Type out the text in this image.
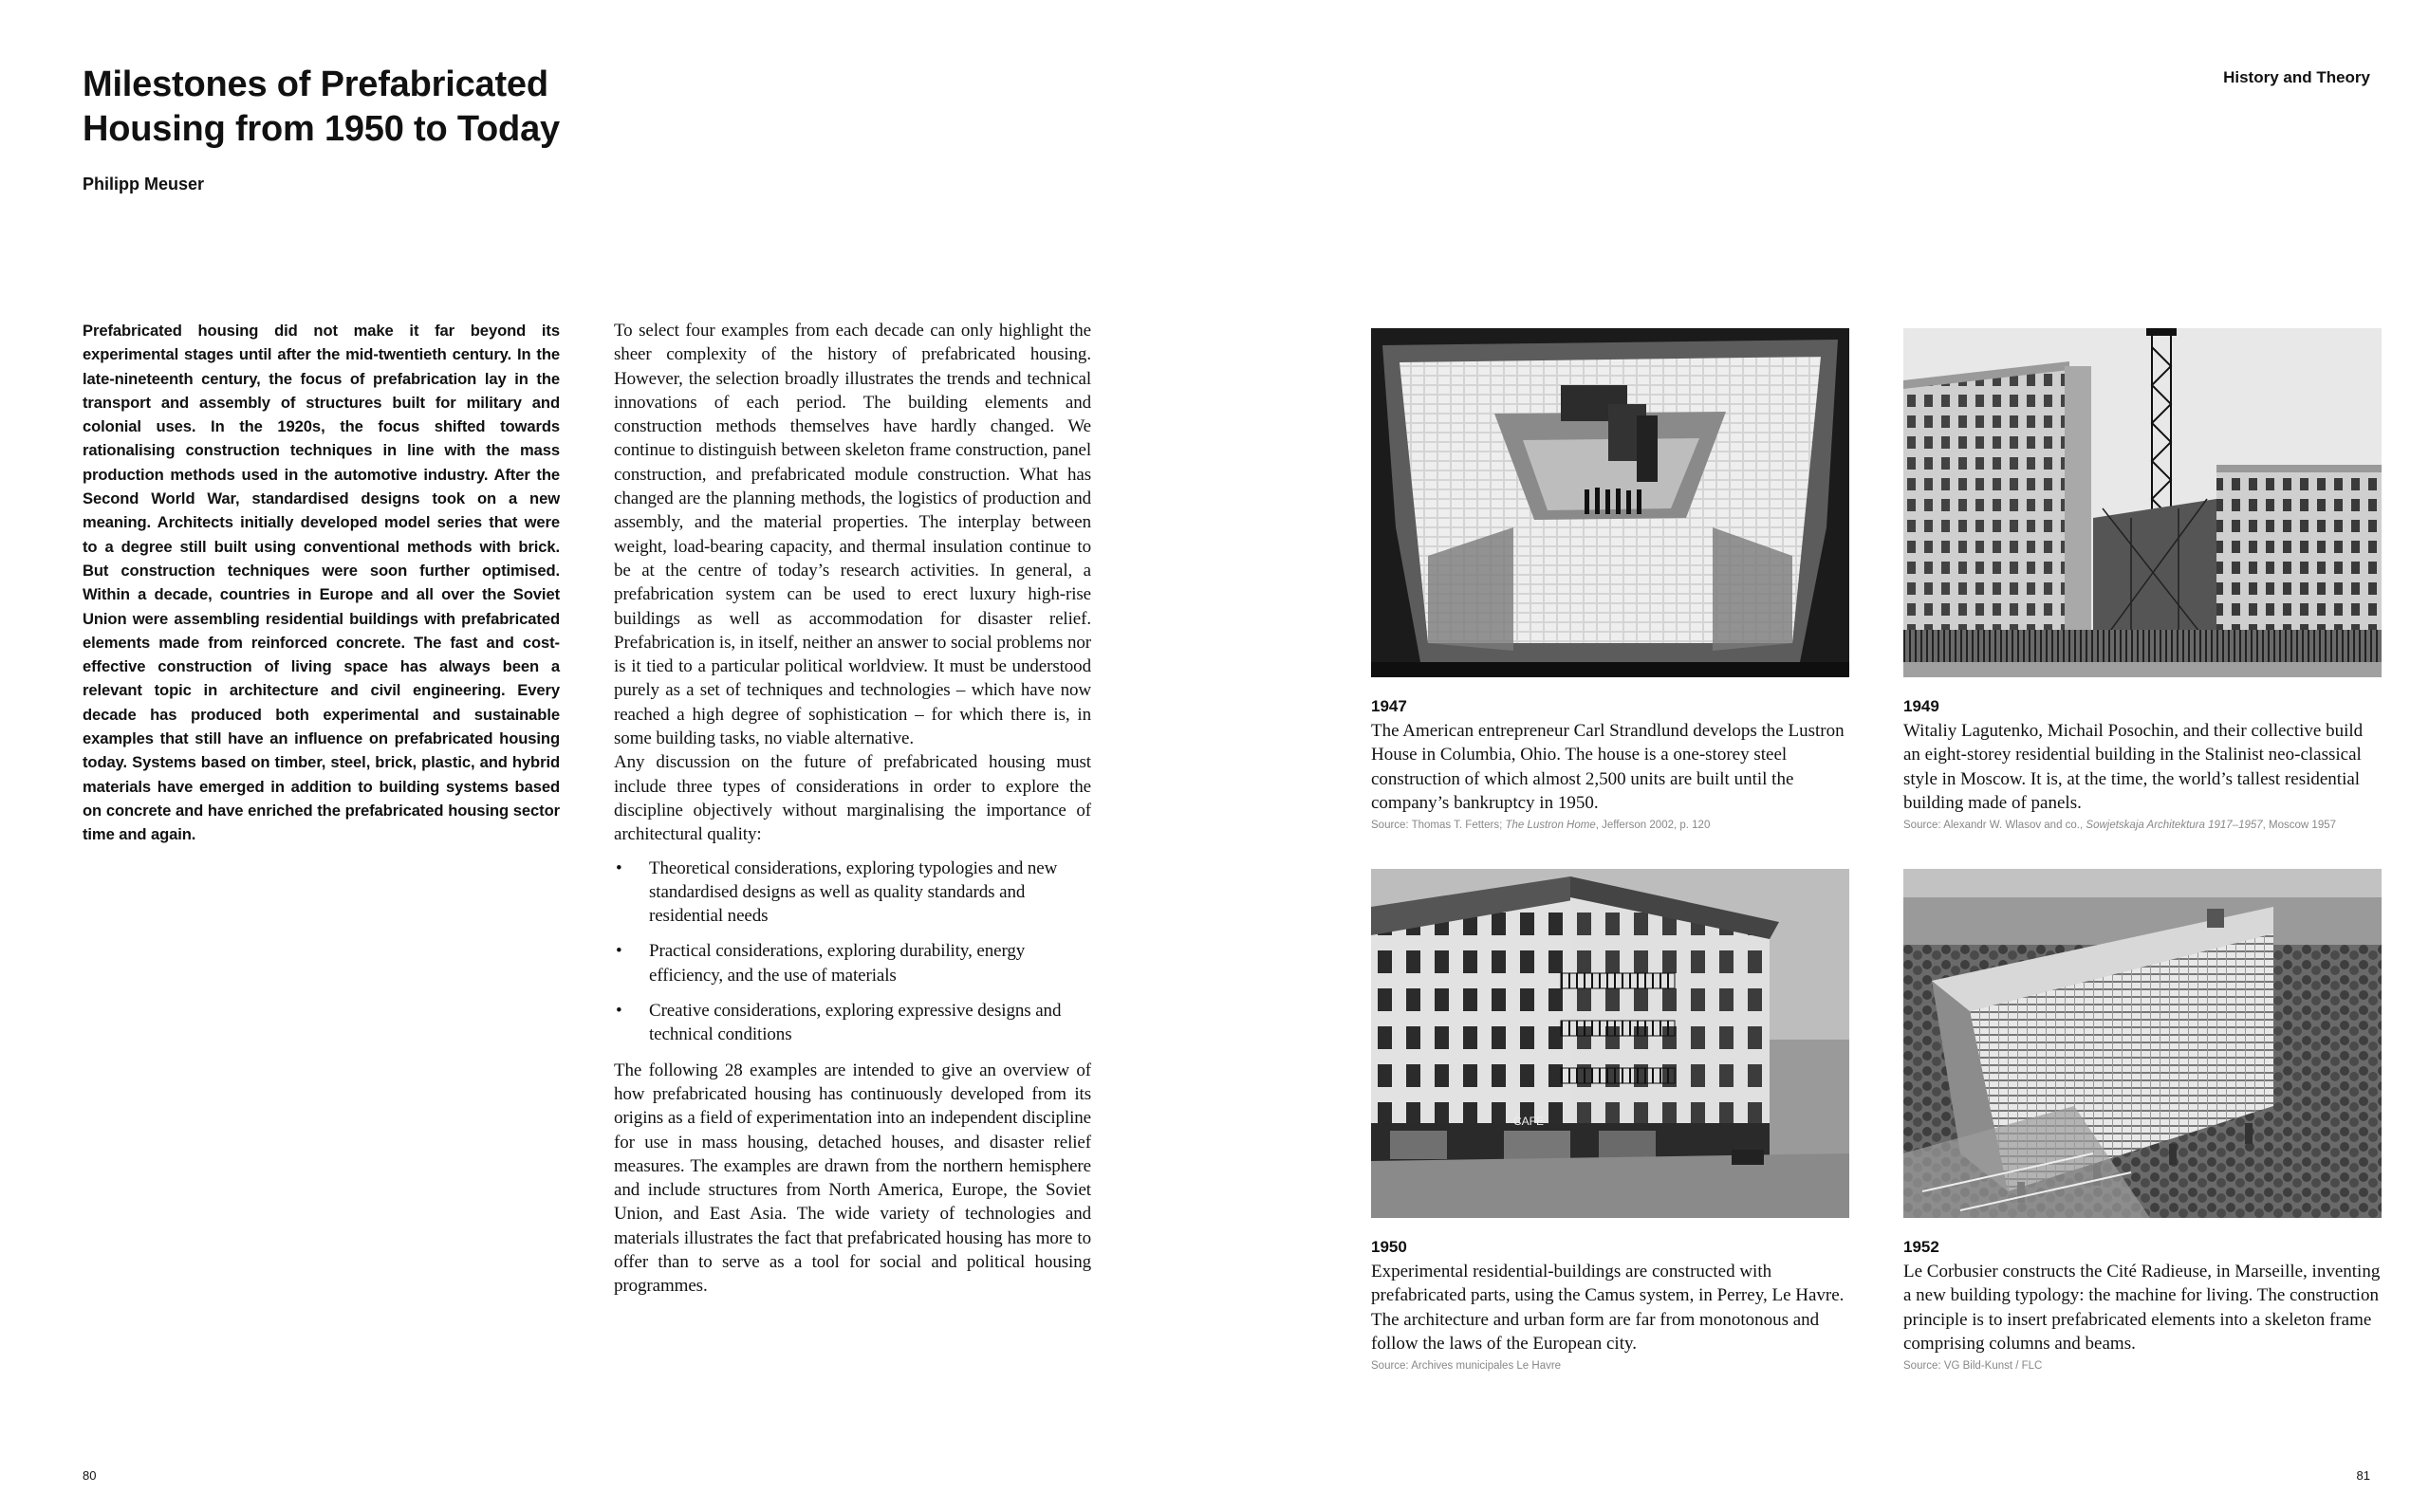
Milestones of Prefabricated Housing from 1950 to Today
Philipp Meuser
History and Theory

Prefabricated housing did not make it far beyond its experimental stages until after the mid-twentieth century. In the late-nineteenth century, the focus of prefabrication lay in the transport and assembly of structures built for military and colonial uses. In the 1920s, the focus shifted towards rationalising construction techniques in line with the mass production methods used in the automotive industry. After the Second World War, standardised designs took on a new meaning. Architects initially developed model series that were to a degree still built using conventional methods with brick. But construction techniques were soon further optimised. Within a decade, countries in Europe and all over the Soviet Union were assembling residential buildings with prefabricated elements made from reinforced concrete. The fast and cost-effective construction of living space has always been a relevant topic in architecture and civil engineering. Every decade has produced both experimental and sustainable examples that still have an influence on prefabricated housing today. Systems based on timber, steel, brick, plastic, and hybrid materials have emerged in addition to building systems based on concrete and have enriched the prefabricated housing sector time and again.

To select four examples from each decade can only highlight the sheer complexity of the history of prefabricated housing. However, the selection broadly illustrates the trends and technical innovations of each period. The building elements and construction methods themselves have hardly changed. We continue to distinguish between skeleton frame construction, panel construction, and prefabricated module construction. What has changed are the planning methods, the logistics of production and assembly, and the material properties. The interplay between weight, load-bearing capacity, and thermal insulation continue to be at the centre of today’s research activities. In general, a prefabrication system can be used to erect luxury high-rise buildings as well as accommodation for disaster relief. Prefabrication is, in itself, neither an answer to social problems nor is it tied to a particular political worldview. It must be understood purely as a set of techniques and technologies – which have now reached a high degree of sophistication – for which there is, in some building tasks, no viable alternative.

Any discussion on the future of prefabricated housing must include three types of considerations in order to explore the discipline objectively without marginalising the importance of architectural quality:

• Theoretical considerations, exploring typologies and new standardised designs as well as quality standards and residential needs
• Practical considerations, exploring durability, energy efficiency, and the use of materials
• Creative considerations, exploring expressive designs and technical conditions

The following 28 examples are intended to give an overview of how prefabricated housing has continuously developed from its origins as a field of experimentation into an independent discipline for use in mass housing, detached houses, and disaster relief measures. The examples are drawn from the northern hemisphere and include structures from North America, Europe, the Soviet Union, and East Asia. The wide variety of technologies and materials illustrates the fact that prefabricated housing has more to offer than to serve as a tool for social and political housing programmes.

1947

The American entrepreneur Carl Strandlund develops the Lustron House in Columbia, Ohio. The house is a one-storey steel construction of which almost 2,500 units are built until the company’s bankruptcy in 1950.

Source: Thomas T. Fetters; The Lustron Home, Jefferson 2002, p. 120
1949

Witaliy Lagutenko, Michail Posochin, and their collective build an eight-storey residential building in the Stalinist neo-classical style in Moscow. It is, at the time, the world’s tallest residential building made of panels.

Source: Alexandr W. Wlasov and co., Sowjetskaja Architektura 1917–1957, Moscow 1957
CAFE
1950

Experimental residential-buildings are constructed with prefabricated parts, using the Camus system, in Perrey, Le Havre. The architecture and urban form are far from monotonous and follow the laws of the European city.

Source: Archives municipales Le Havre
1952

Le Corbusier constructs the Cité Radieuse, in Marseille, inventing a new building typology: the machine for living. The construction principle is to insert prefabricated elements into a skeleton frame comprising columns and beams.

Source: VG Bild-Kunst / FLC
80	81
